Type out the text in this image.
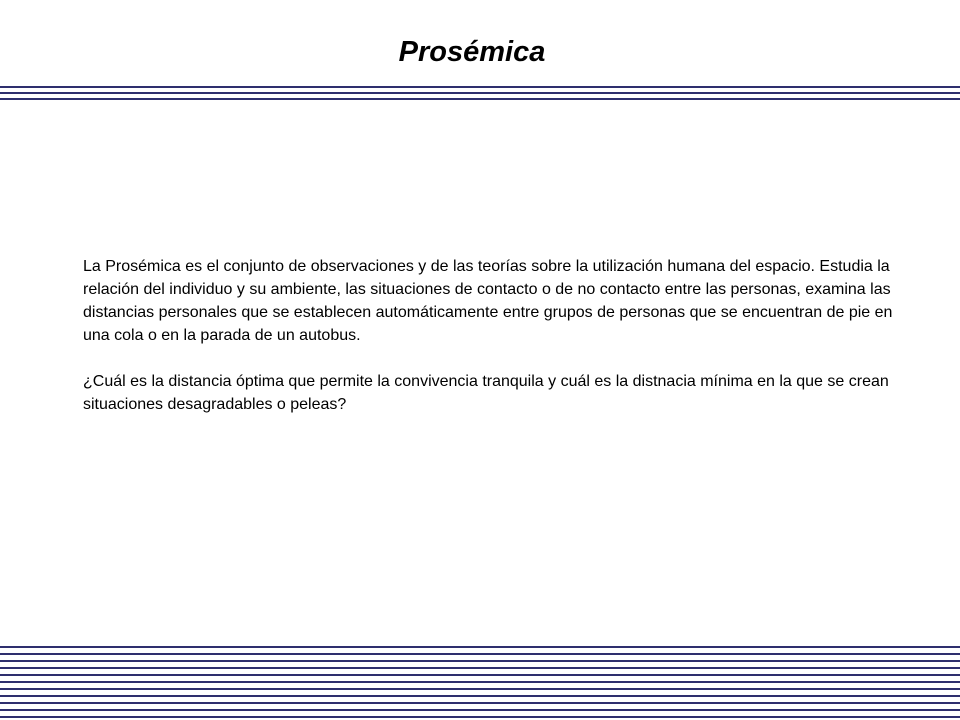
Prosémica

La Prosémica es el conjunto de observaciones y de las teorías sobre la utilización humana del espacio. Estudia la relación del individuo y su ambiente, las situaciones de contacto o de no contacto entre las personas, examina las distancias personales que se establecen automáticamente entre grupos de personas que se encuentran de pie en una cola o en la parada de un autobus.

¿Cuál es la distancia óptima que permite la convivencia tranquila y cuál es la distnacia mínima en la que se crean situaciones desagradables o peleas?
